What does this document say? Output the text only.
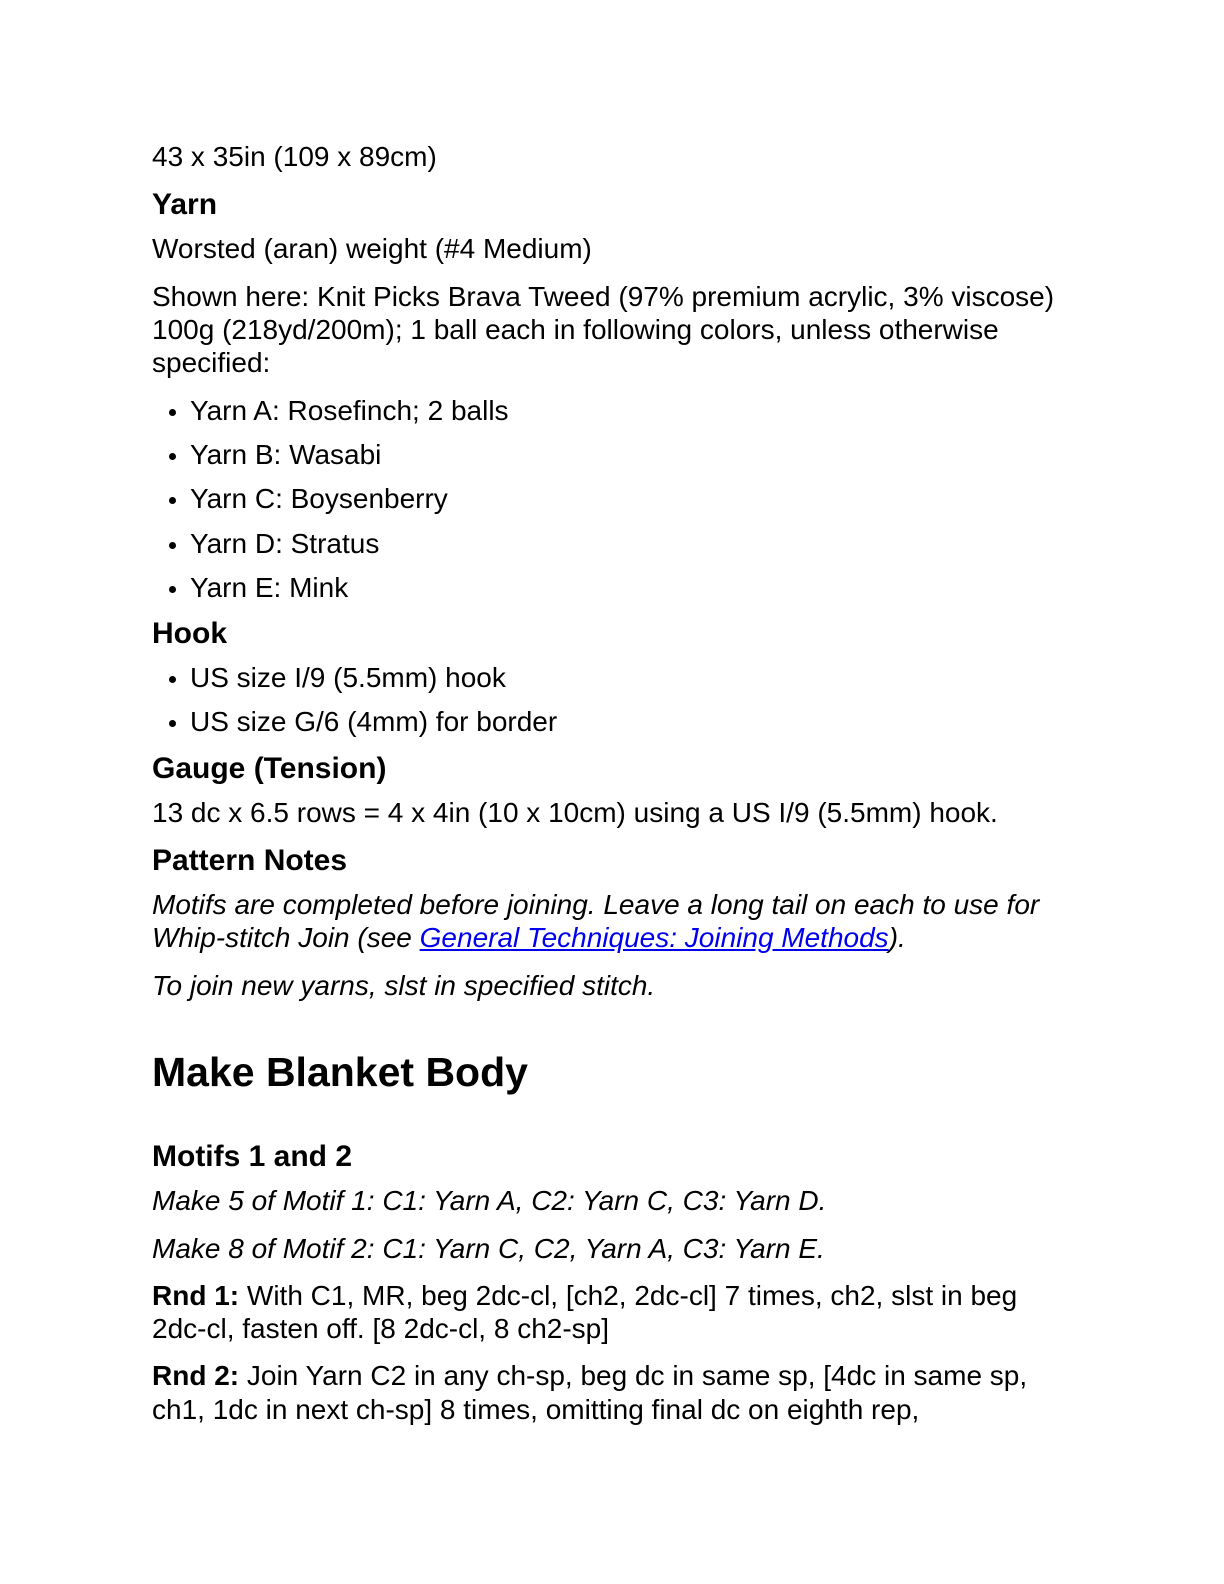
43 x 35in (109 x 89cm)

Yarn

Worsted (aran) weight (#4 Medium)

Shown here: Knit Picks Brava Tweed (97% premium acrylic, 3% viscose) 100g (218yd/200m); 1 ball each in following colors, unless otherwise specified:

• Yarn A: Rosefinch; 2 balls
• Yarn B: Wasabi
• Yarn C: Boysenberry
• Yarn D: Stratus
• Yarn E: Mink
Hook
• US size I/9 (5.5mm) hook
• US size G/6 (4mm) for border
Gauge (Tension)

13 dc x 6.5 rows = 4 x 4in (10 x 10cm) using a US I/9 (5.5mm) hook.

Pattern Notes

Motifs are completed before joining. Leave a long tail on each to use for Whip-stitch Join (see General Techniques: Joining Methods).

To join new yarns, slst in specified stitch.

Make Blanket Body
Motifs 1 and 2

Make 5 of Motif 1: C1: Yarn A, C2: Yarn C, C3: Yarn D.

Make 8 of Motif 2: C1: Yarn C, C2, Yarn A, C3: Yarn E.

Rnd 1: With C1, MR, beg 2dc-cl, [ch2, 2dc-cl] 7 times, ch2, slst in beg 2dc-cl, fasten off. [8 2dc-cl, 8 ch2-sp]

Rnd 2: Join Yarn C2 in any ch-sp, beg dc in same sp, [4dc in same sp, ch1, 1dc in next ch-sp] 8 times, omitting final dc on eighth rep,
